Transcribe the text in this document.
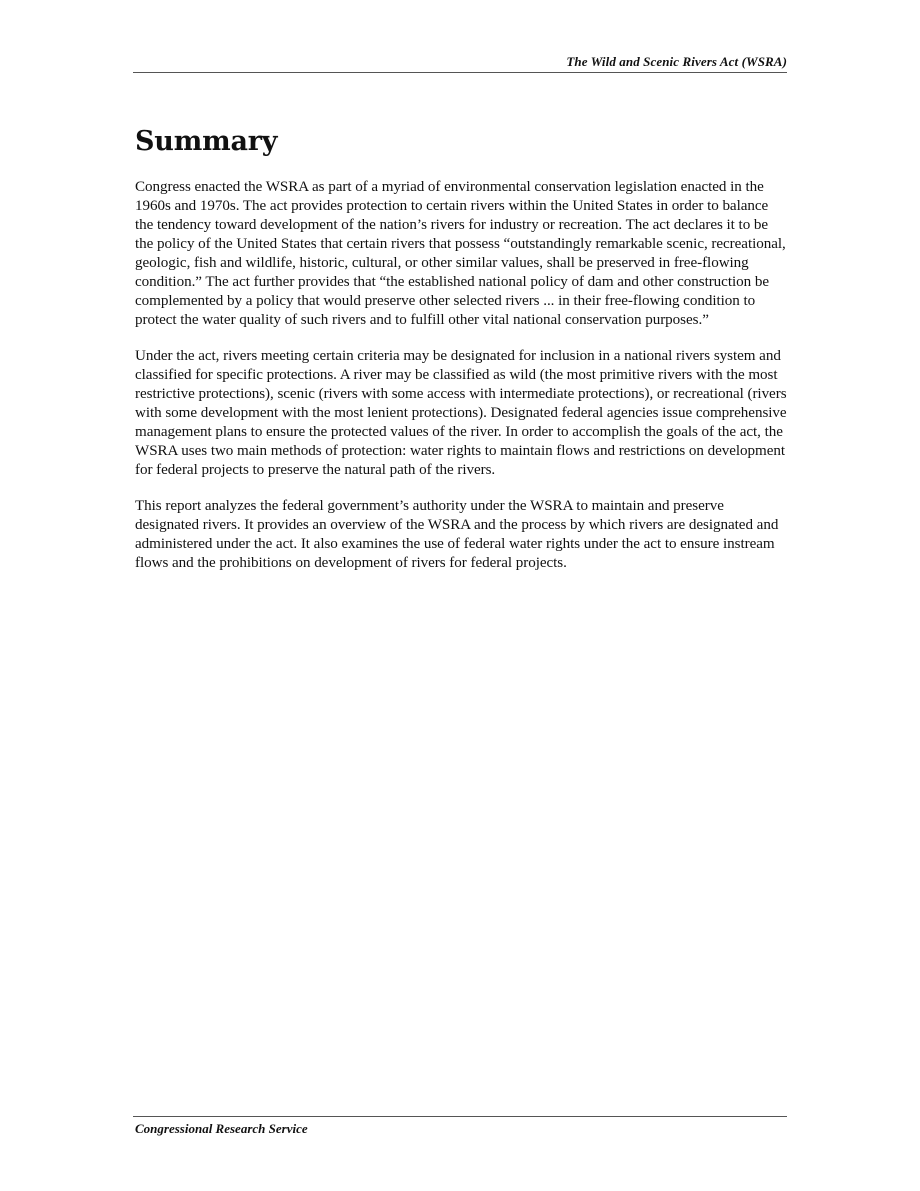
The Wild and Scenic Rivers Act (WSRA)
Summary

Congress enacted the WSRA as part of a myriad of environmental conservation legislation enacted in the 1960s and 1970s. The act provides protection to certain rivers within the United States in order to balance the tendency toward development of the nation’s rivers for industry or recreation. The act declares it to be the policy of the United States that certain rivers that possess “outstandingly remarkable scenic, recreational, geologic, fish and wildlife, historic, cultural, or other similar values, shall be preserved in free-flowing condition.” The act further provides that “the established national policy of dam and other construction be complemented by a policy that would preserve other selected rivers ... in their free-flowing condition to protect the water quality of such rivers and to fulfill other vital national conservation purposes.”

Under the act, rivers meeting certain criteria may be designated for inclusion in a national rivers system and classified for specific protections. A river may be classified as wild (the most primitive rivers with the most restrictive protections), scenic (rivers with some access with intermediate protections), or recreational (rivers with some development with the most lenient protections). Designated federal agencies issue comprehensive management plans to ensure the protected values of the river. In order to accomplish the goals of the act, the WSRA uses two main methods of protection: water rights to maintain flows and restrictions on development for federal projects to preserve the natural path of the rivers.

This report analyzes the federal government’s authority under the WSRA to maintain and preserve designated rivers. It provides an overview of the WSRA and the process by which rivers are designated and administered under the act. It also examines the use of federal water rights under the act to ensure instream flows and the prohibitions on development of rivers for federal projects.

Congressional Research Service
